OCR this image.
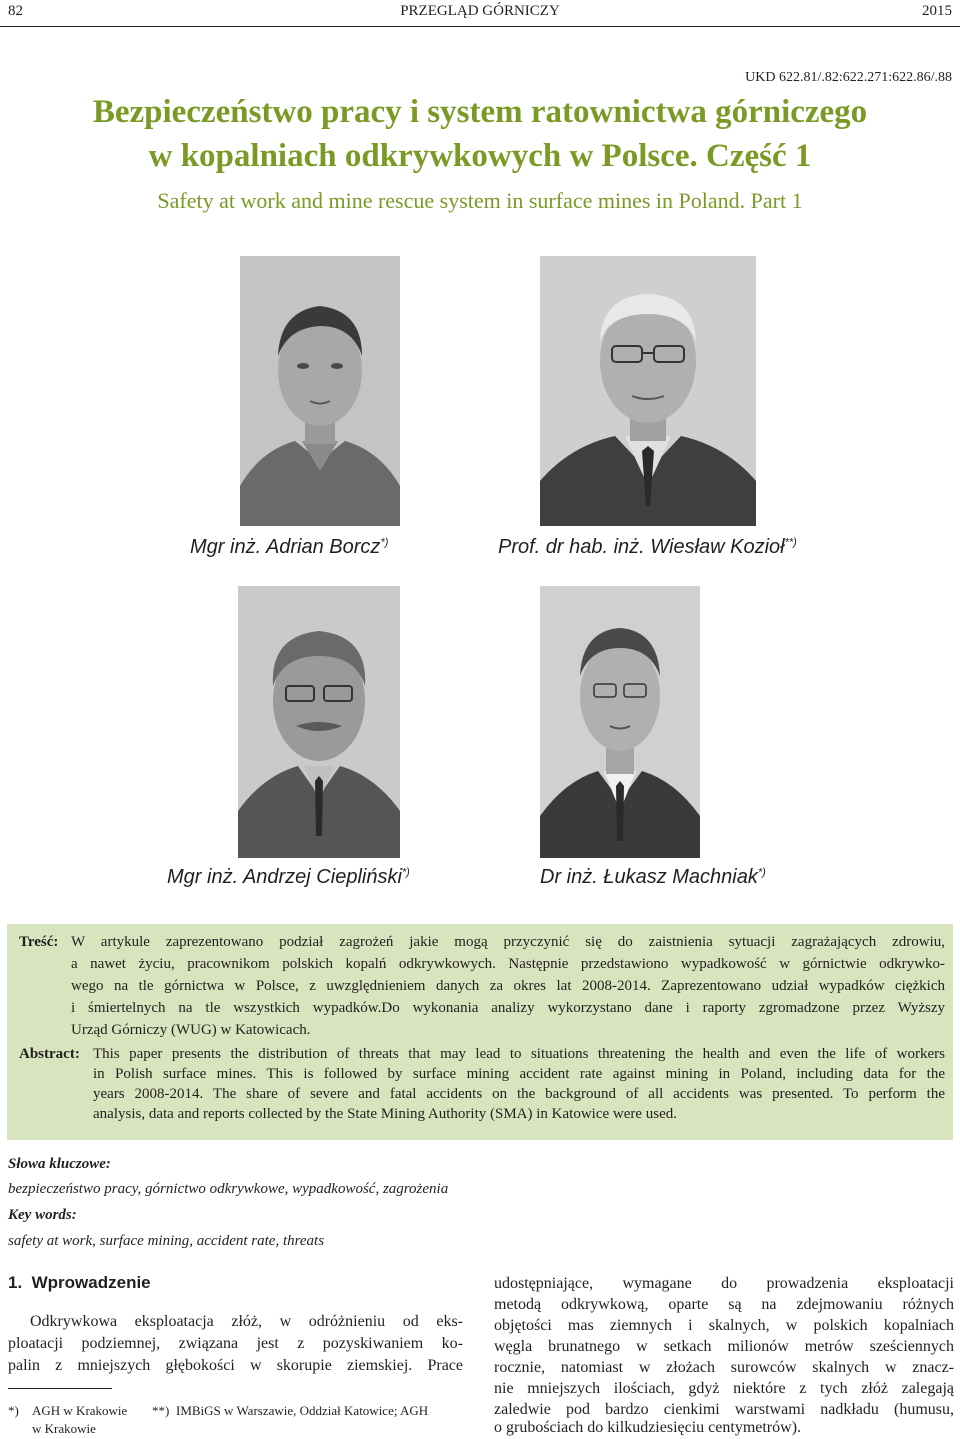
82	PRZEGLĄD GÓRNICZY	2015
UKD 622.81/.82:622.271:622.86/.88
Bezpieczeństwo pracy i system ratownictwa górniczego
w kopalniach odkrywkowych w Polsce. Część 1
Safety at work and mine rescue system in surface mines in Poland. Part 1
Mgr inż. Adrian Borcz*)	Prof. dr hab. inż. Wiesław Kozioł**)
Mgr inż. Andrzej Ciepliński*)	Dr inż. Łukasz Machniak*)
Treść: W artykule zaprezentowano podział zagrożeń jakie mogą przyczynić się do zaistnienia sytuacji zagrażających zdrowiu,
a nawet życiu, pracownikom polskich kopalń odkrywkowych. Następnie przedstawiono wypadkowość w górnictwie odkrywko-
wego na tle górnictwa w Polsce, z uwzględnieniem danych za okres lat 2008-2014. Zaprezentowano udział wypadków ciężkich
i śmiertelnych na tle wszystkich wypadków.Do wykonania analizy wykorzystano dane i raporty zgromadzone przez Wyższy
Urząd Górniczy (WUG) w Katowicach.
Abstract: This paper presents the distribution of threats that may lead to situations threatening the health and even the life of workers
in Polish surface mines. This is followed by surface mining accident rate against mining in Poland, including data for the
years 2008-2014. The share of severe and fatal accidents on the background of all accidents was presented. To perform the
analysis, data and reports collected by the State Mining Authority (SMA) in Katowice were used.
Słowa kluczowe:
bezpieczeństwo pracy, górnictwo odkrywkowe, wypadkowość, zagrożenia
Key words:
safety at work, surface mining, accident rate, threats
1.  Wprowadzenie
Odkrywkowa eksploatacja złóż, w odróżnieniu od eks-
ploatacji podziemnej, związana jest z pozyskiwaniem ko-
palin z mniejszych głębokości w skorupie ziemskiej. Prace
*) AGH w Krakowie **) IMBiGS w Warszawie, Oddział Katowice; AGH
w Krakowie
udostępniające, wymagane do prowadzenia eksploatacji
metodą odkrywkową, oparte są na zdejmowaniu różnych
objętości mas ziemnych i skalnych, w polskich kopalniach
węgla brunatnego w setkach milionów metrów sześciennych
rocznie, natomiast w złożach surowców skalnych w znacz-
nie mniejszych ilościach, gdyż niektóre z tych złóż zalegają
zaledwie pod bardzo cienkimi warstwami nadkładu (humusu,
o grubościach do kilkudziesięciu centymetrów).
